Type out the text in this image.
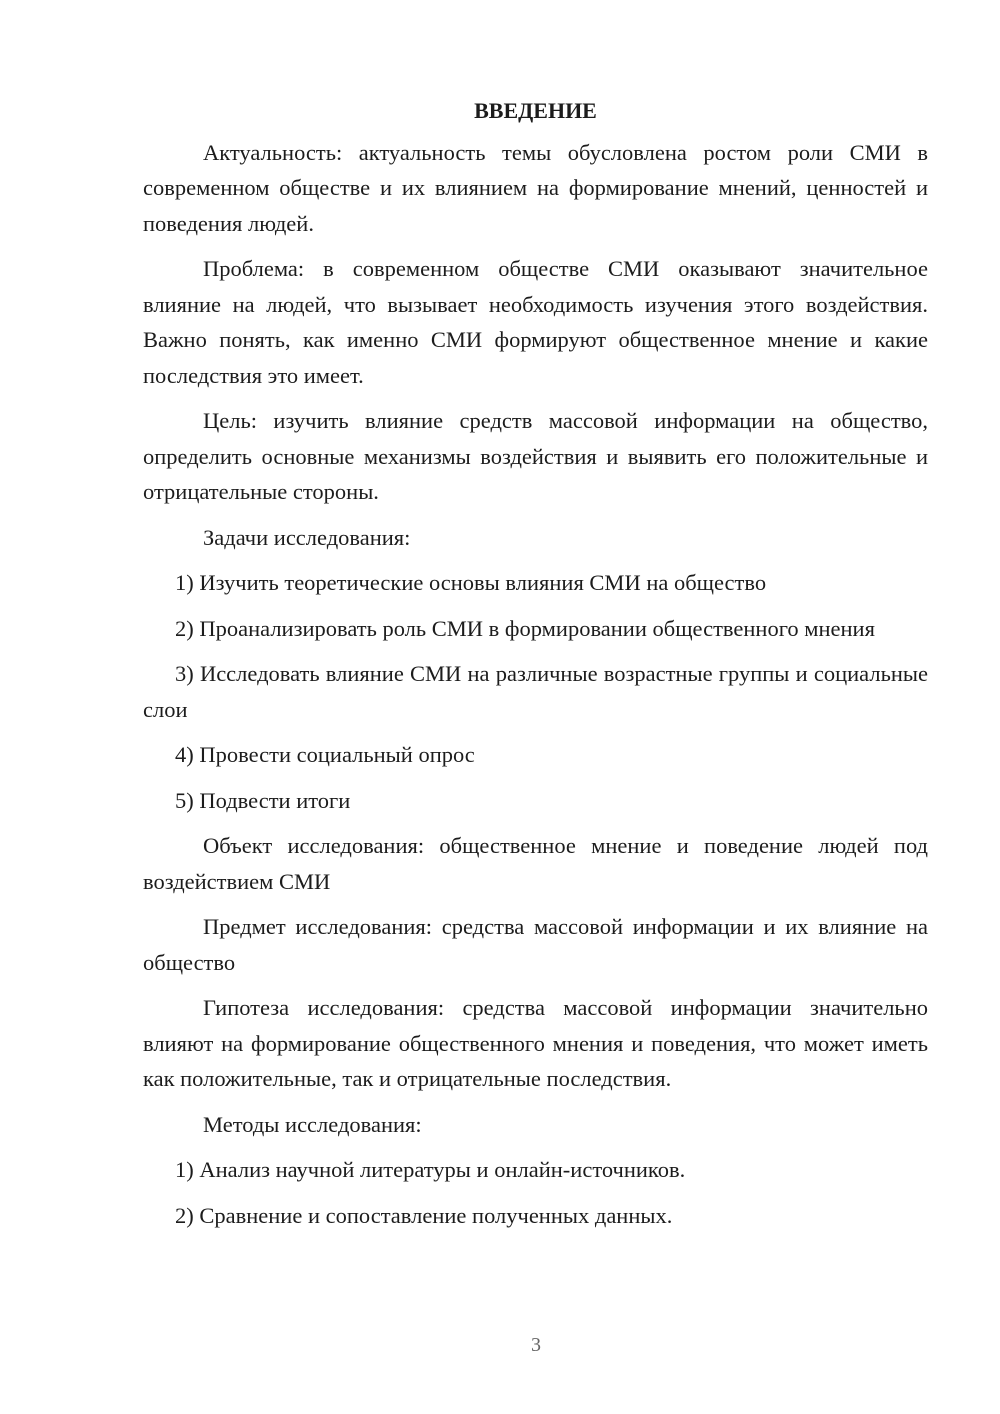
ВВЕДЕНИЕ

Актуальность: актуальность темы обусловлена ростом роли СМИ в современном обществе и их влиянием на формирование мнений, ценностей и поведения людей.

Проблема: в современном обществе СМИ оказывают значительное влияние на людей, что вызывает необходимость изучения этого воздействия. Важно понять, как именно СМИ формируют общественное мнение и какие последствия это имеет.

Цель: изучить влияние средств массовой информации на общество, определить основные механизмы воздействия и выявить его положительные и отрицательные стороны.

Задачи исследования:

1) Изучить теоретические основы влияния СМИ на общество

2) Проанализировать роль СМИ в формировании общественного мнения

3) Исследовать влияние СМИ на различные возрастные группы и социальные слои

4) Провести социальный опрос

5) Подвести итоги

Объект исследования: общественное мнение и поведение людей под воздействием СМИ

Предмет исследования: средства массовой информации и их влияние на общество

Гипотеза исследования: средства массовой информации значительно влияют на формирование общественного мнения и поведения, что может иметь как положительные, так и отрицательные последствия.

Методы исследования:

1) Анализ научной литературы и онлайн-источников.

2) Сравнение и сопоставление полученных данных.

3
